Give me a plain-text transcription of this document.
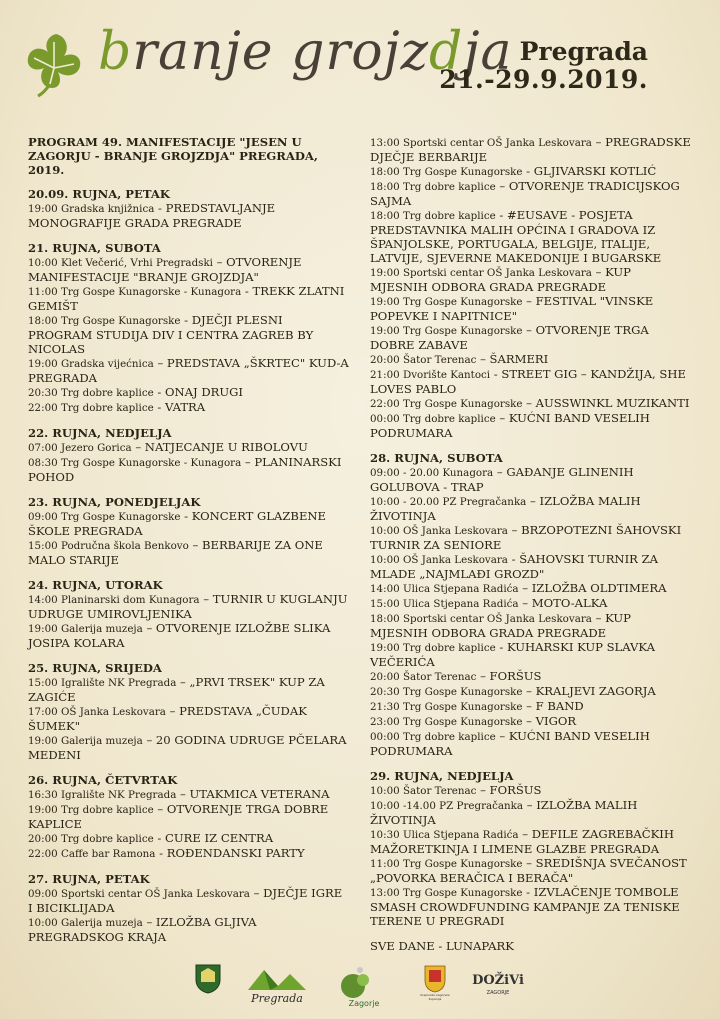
branje grojzdja Pregrada
21.-29.9.2019.
PROGRAM 49. MANIFESTACIJE "JESEN U ZAGORJU - BRANJE GROJZDJA" PREGRADA, 2019.
20.09. RUJNA, PETAK
19:00 Gradska knjižnica - PREDSTAVLJANJE MONOGRAFIJE GRADA PREGRADE
21. RUJNA, SUBOTA
10:00 Klet Večerić, Vrhi Pregradski – OTVORENJE MANIFESTACIJE "BRANJE GROJZDJA"
11:00 Trg Gospe Kunagorske - Kunagora - TREKK ZLATNI GEMIŠT
18:00 Trg Gospe Kunagorske - DJEČJI PLESNI PROGRAM STUDIJA DIV I CENTRA ZAGREB BY NICOLAS
19:00 Gradska vijećnica – PREDSTAVA „ŠKRTEC" KUD-A PREGRADA
20:30 Trg dobre kaplice - ONAJ DRUGI
22:00 Trg dobre kaplice - VATRA
22. RUJNA, NEDJELJA
07:00 Jezero Gorica – NATJECANJE U RIBOLOVU
08:30 Trg Gospe Kunagorske - Kunagora – PLANINARSKI POHOD
23. RUJNA, PONEDJELJAK
09:00 Trg Gospe Kunagorske - KONCERT GLAZBENE ŠKOLE PREGRADA
15:00 Područna škola Benkovo – BERBARIJE ZA ONE MALO STARIJE
24. RUJNA, UTORAK
14:00 Planinarski dom Kunagora – TURNIR U KUGLANJU UDRUGE UMIROVLJENIKA
19:00 Galerija muzeja – OTVORENJE IZLOŽBE SLIKA JOSIPA KOLARA
25. RUJNA, SRIJEDA
15:00 Igralište NK Pregrada – „PRVI TRSEK" KUP ZA ZAGIĆE
17:00 OŠ Janka Leskovara – PREDSTAVA „ČUDAK ŠUMEK"
19:00 Galerija muzeja – 20 GODINA UDRUGE PČELARA MEDENI
26. RUJNA, ČETVRTAK
16:30 Igralište NK Pregrada – UTAKMICA VETERANA
19:00 Trg dobre kaplice – OTVORENJE TRGA DOBRE KAPLICE
20:00 Trg dobre kaplice - CURE IZ CENTRA
22:00 Caffe bar Ramona - ROĐENDANSKI PARTY
27. RUJNA, PETAK
09:00 Sportski centar OŠ Janka Leskovara – DJEČJE IGRE I BICIKLIJADA
10:00 Galerija muzeja – IZLOŽBA GLJIVA PREGRADSKOG KRAJA
13:00 Sportski centar OŠ Janka Leskovara – PREGRADSKE DJEČJE BERBARIJE
18:00 Trg Gospe Kunagorske - GLJIVARSKI KOTLIĆ
18:00 Trg dobre kaplice – OTVORENJE TRADICIJSKOG SAJMA
18:00 Trg dobre kaplice - #EUSAVE - POSJETA PREDSTAVNIKA MALIH OPĆINA I GRADOVA IZ ŠPANJOLSKE, PORTUGALA, BELGIJE, ITALIJE, LATVIJE, SJEVERNE MAKEDONIJE I BUGARSKE
19:00 Sportski centar OŠ Janka Leskovara – KUP MJESNIH ODBORA GRADA PREGRADE
19:00 Trg Gospe Kunagorske – FESTIVAL "VINSKE POPEVKE I NAPITNICE"
19:00 Trg Gospe Kunagorske – OTVORENJE TRGA DOBRE ZABAVE
20:00 Šator Terenac – ŠARMERI
21:00 Dvorište Kantoci - STREET GIG – KANDŽIJA, SHE LOVES PABLO
22:00 Trg Gospe Kunagorske – AUSSWINKL MUZIKANTI
00:00 Trg dobre kaplice – KUĆNI BAND VESELIH PODRUMARA
28. RUJNA, SUBOTA
09:00 - 20.00 Kunagora – GAĐANJE GLINENIH GOLUBOVA - TRAP
10:00 - 20.00 PZ Pregračanka – IZLOŽBA MALIH ŽIVOTINJA
10:00 OŠ Janka Leskovara – BRZOPOTEZNI ŠAHOVSKI TURNIR ZA SENIORE
10:00 OŠ Janka Leskovara - ŠAHOVSKI TURNIR ZA MLADE „NAJMLAĐI GROZD"
14:00 Ulica Stjepana Radića – IZLOŽBA OLDTIMERA
15:00 Ulica Stjepana Radića – MOTO-ALKA
18:00 Sportski centar OŠ Janka Leskovara – KUP MJESNIH ODBORA GRADA PREGRADE
19:00 Trg dobre kaplice - KUHARSKI KUP SLAVKA VEČERIĆA
20:00 Šator Terenac – FORŠUS
20:30 Trg Gospe Kunagorske – KRALJEVI ZAGORJA
21:30 Trg Gospe Kunagorske – F BAND
23:00 Trg Gospe Kunagorske – VIGOR
00:00 Trg dobre kaplice – KUĆNI BAND VESELIH PODRUMARA
29. RUJNA, NEDJELJA
10:00 Šator Terenac – FORŠUS
10:00 -14.00 PZ Pregračanka – IZLOŽBA MALIH ŽIVOTINJA
10:30 Ulica Stjepana Radića – DEFILE ZAGREBAČKIH MAŽORETKINJA I LIMENE GLAZBE PREGRADA
11:00 Trg Gospe Kunagorske – SREDIŠNJA SVEČANOST „POVORKA BERAČICA I BERAČA"
13:00 Trg Gospe Kunagorske - IZVLAČENJE TOMBOLE SMASH CROWDFUNDING KAMPANJE ZA TENISKE TERENE U PREGRADI
SVE DANE - LUNAPARK
Pregrada	Zagorje
Krapinsko-zagorska županija
DOŽiVi
ZAGORJE
